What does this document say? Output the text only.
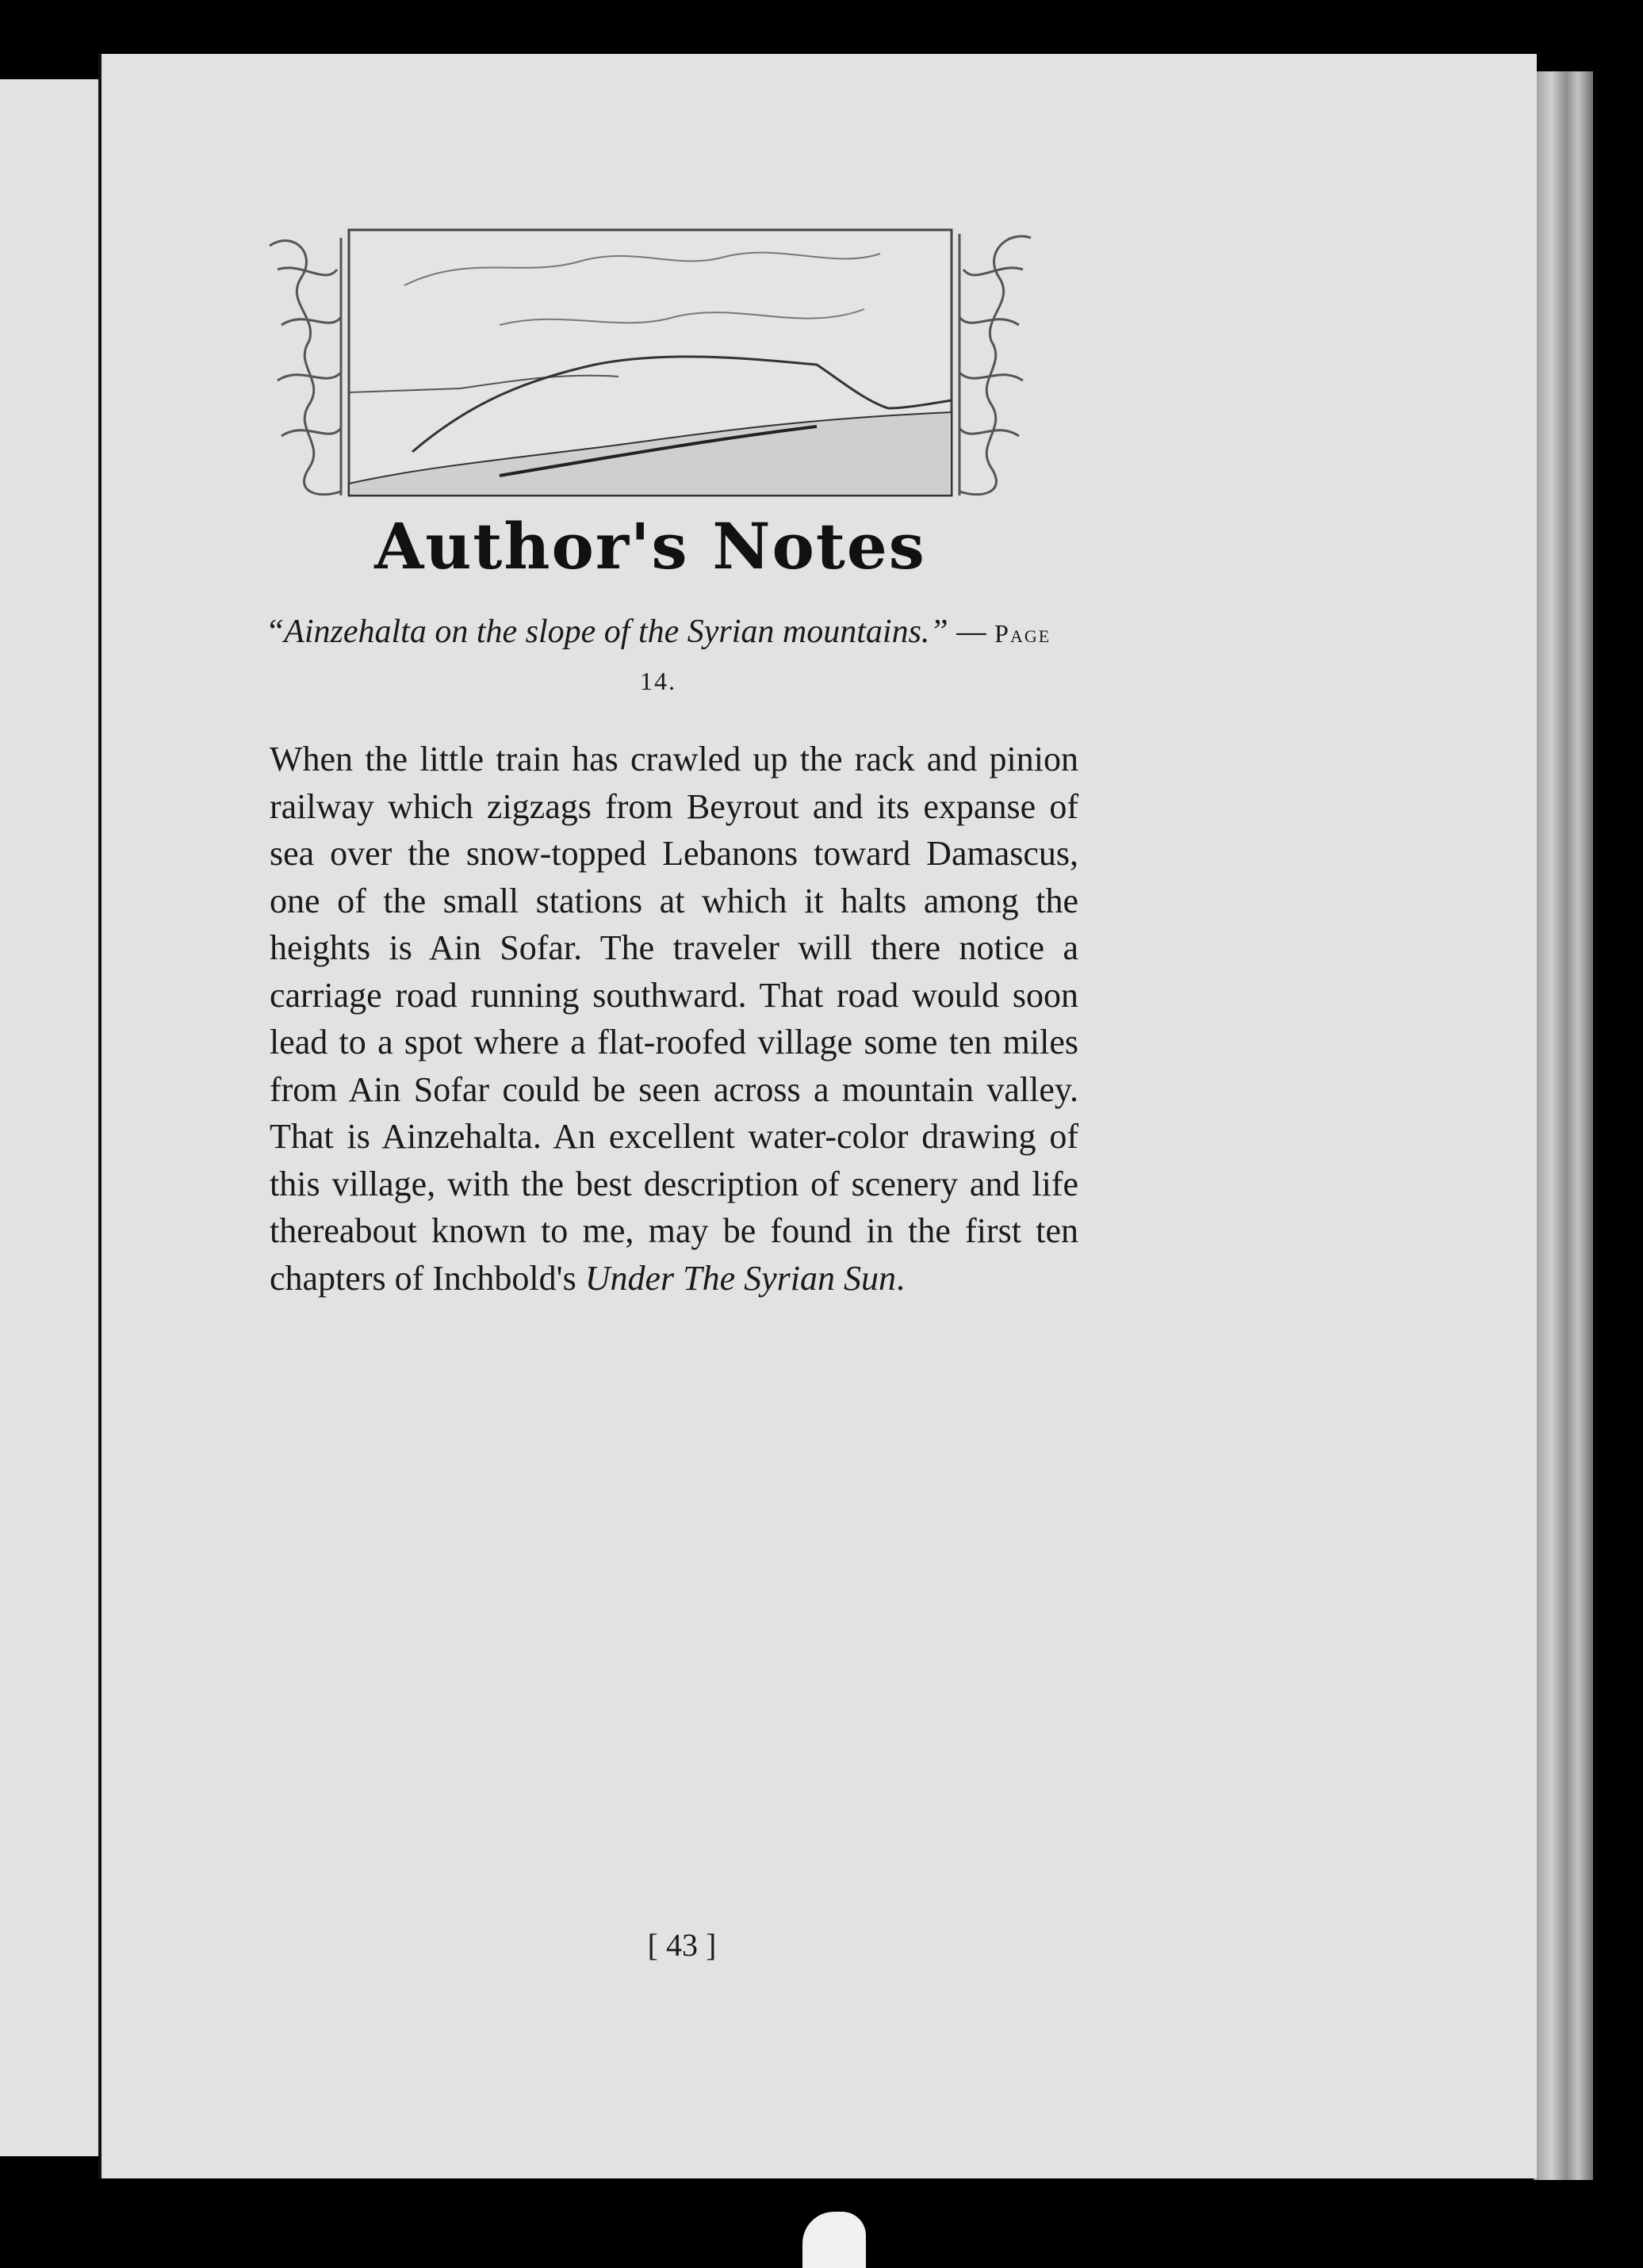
Author's Notes
“Ainzehalta on the slope of the Syrian mountains.” — Page 14.

When the little train has crawled up the rack and pinion railway which zigzags from Beyrout and its expanse of sea over the snow-topped Lebanons toward Damascus, one of the small stations at which it halts among the heights is Ain Sofar. The traveler will there notice a carriage road running southward. That road would soon lead to a spot where a flat-roofed village some ten miles from Ain Sofar could be seen across a mountain valley. That is Ainzehalta. An excellent water-color drawing of this village, with the best description of scenery and life thereabout known to me, may be found in the first ten chapters of Inchbold's Under The Syrian Sun.

[ 43 ]
